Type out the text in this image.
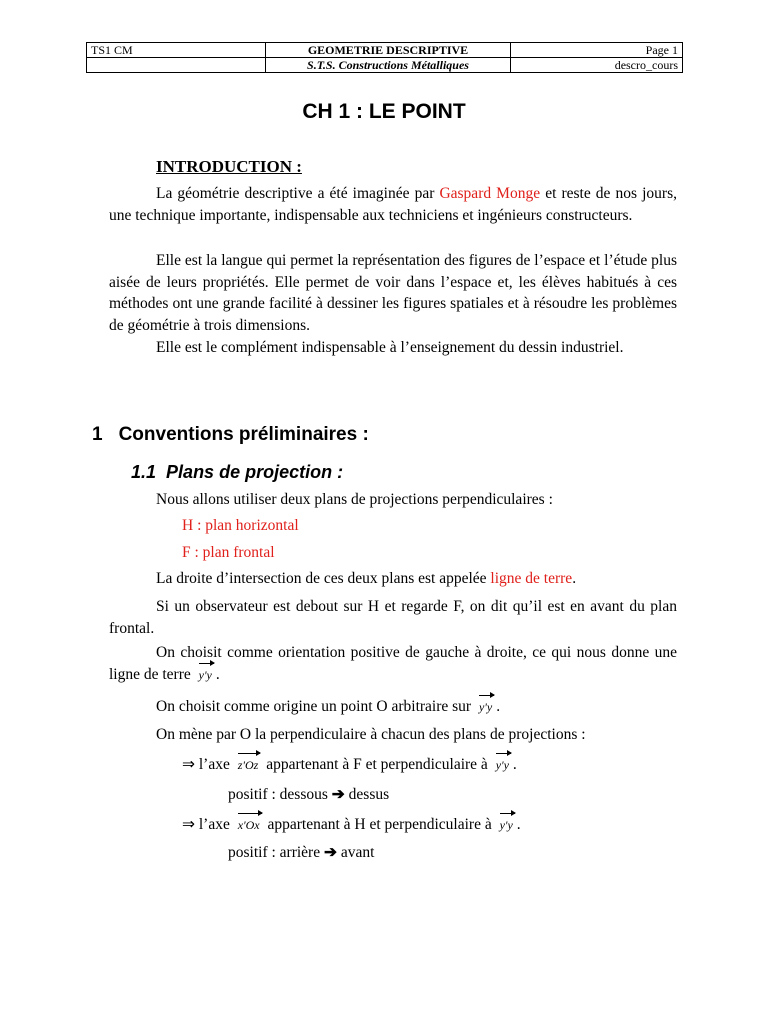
TS1 CM	GEOMETRIE DESCRIPTIVE	Page 1
	S.T.S. Constructions Métalliques	descro_cours
CH 1 : LE POINT
INTRODUCTION :

La géométrie descriptive a été imaginée par Gaspard Monge et reste de nos jours, une technique importante, indispensable aux techniciens et ingénieurs constructeurs.

Elle est la langue qui permet la représentation des figures de l’espace et l’étude plus aisée de leurs propriétés. Elle permet de voir dans l’espace et, les élèves habitués à ces méthodes ont une grande facilité à dessiner les figures spatiales et à résoudre les problèmes de géométrie à trois dimensions.

Elle est le complément indispensable à l’enseignement du dessin industriel.

1 Conventions préliminaires :
1.1 Plans de projection :
Nous allons utiliser deux plans de projections perpendiculaires :
H : plan horizontal
F : plan frontal
La droite d’intersection de ces deux plans est appelée ligne de terre.

Si un observateur est debout sur H et regarde F, on dit qu’il est en avant du plan frontal.

On choisit comme orientation positive de gauche à droite, ce qui nous donne une ligne de terre y'y .

On choisit comme origine un point O arbitraire sur y'y .
On mène par O la perpendiculaire à chacun des plans de projections :
⇒ l’axe z'Oz appartenant à F et perpendiculaire à y'y .
positif : dessous ➔ dessus
⇒ l’axe x'Ox appartenant à H et perpendiculaire à y'y .
positif : arrière ➔ avant
